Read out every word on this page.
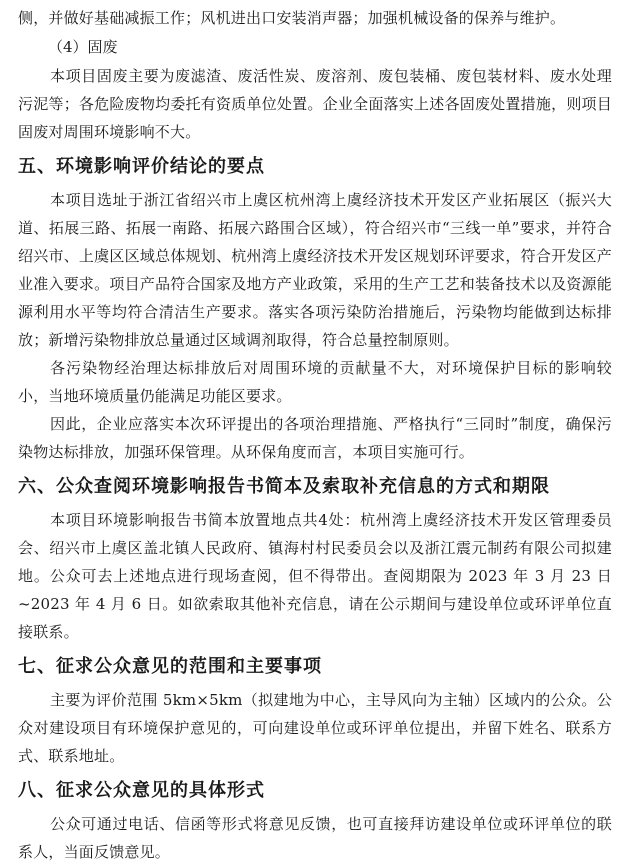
侧，并做好基础减振工作；风机进出口安装消声器；加强机械设备的保养与维护。

（4）固废

本项目固废主要为废滤渣、废活性炭、废溶剂、废包装桶、废包装材料、废水处理污泥等；各危险废物均委托有资质单位处置。企业全面落实上述各固废处置措施，则项目固废对周围环境影响不大。

五、环境影响评价结论的要点

本项目选址于浙江省绍兴市上虞区杭州湾上虞经济技术开发区产业拓展区（振兴大道、拓展三路、拓展一南路、拓展六路围合区域），符合绍兴市“三线一单”要求，并符合绍兴市、上虞区区域总体规划、杭州湾上虞经济技术开发区规划环评要求，符合开发区产业准入要求。项目产品符合国家及地方产业政策，采用的生产工艺和装备技术以及资源能源利用水平等均符合清洁生产要求。落实各项污染防治措施后，污染物均能做到达标排放；新增污染物排放总量通过区域调剂取得，符合总量控制原则。

各污染物经治理达标排放后对周围环境的贡献量不大，对环境保护目标的影响较小，当地环境质量仍能满足功能区要求。

因此，企业应落实本次环评提出的各项治理措施、严格执行“三同时”制度，确保污染物达标排放，加强环保管理。从环保角度而言，本项目实施可行。

六、公众查阅环境影响报告书简本及索取补充信息的方式和期限

本项目环境影响报告书简本放置地点共4处：杭州湾上虞经济技术开发区管理委员会、绍兴市上虞区盖北镇人民政府、镇海村村民委员会以及浙江震元制药有限公司拟建地。公众可去上述地点进行现场查阅，但不得带出。查阅期限为 2023 年 3 月 23 日~2023 年 4 月 6 日。如欲索取其他补充信息，请在公示期间与建设单位或环评单位直接联系。

七、征求公众意见的范围和主要事项

主要为评价范围 5km×5km（拟建地为中心，主导风向为主轴）区域内的公众。公众对建设项目有环境保护意见的，可向建设单位或环评单位提出，并留下姓名、联系方式、联系地址。

八、征求公众意见的具体形式

公众可通过电话、信函等形式将意见反馈，也可直接拜访建设单位或环评单位的联系人，当面反馈意见。
